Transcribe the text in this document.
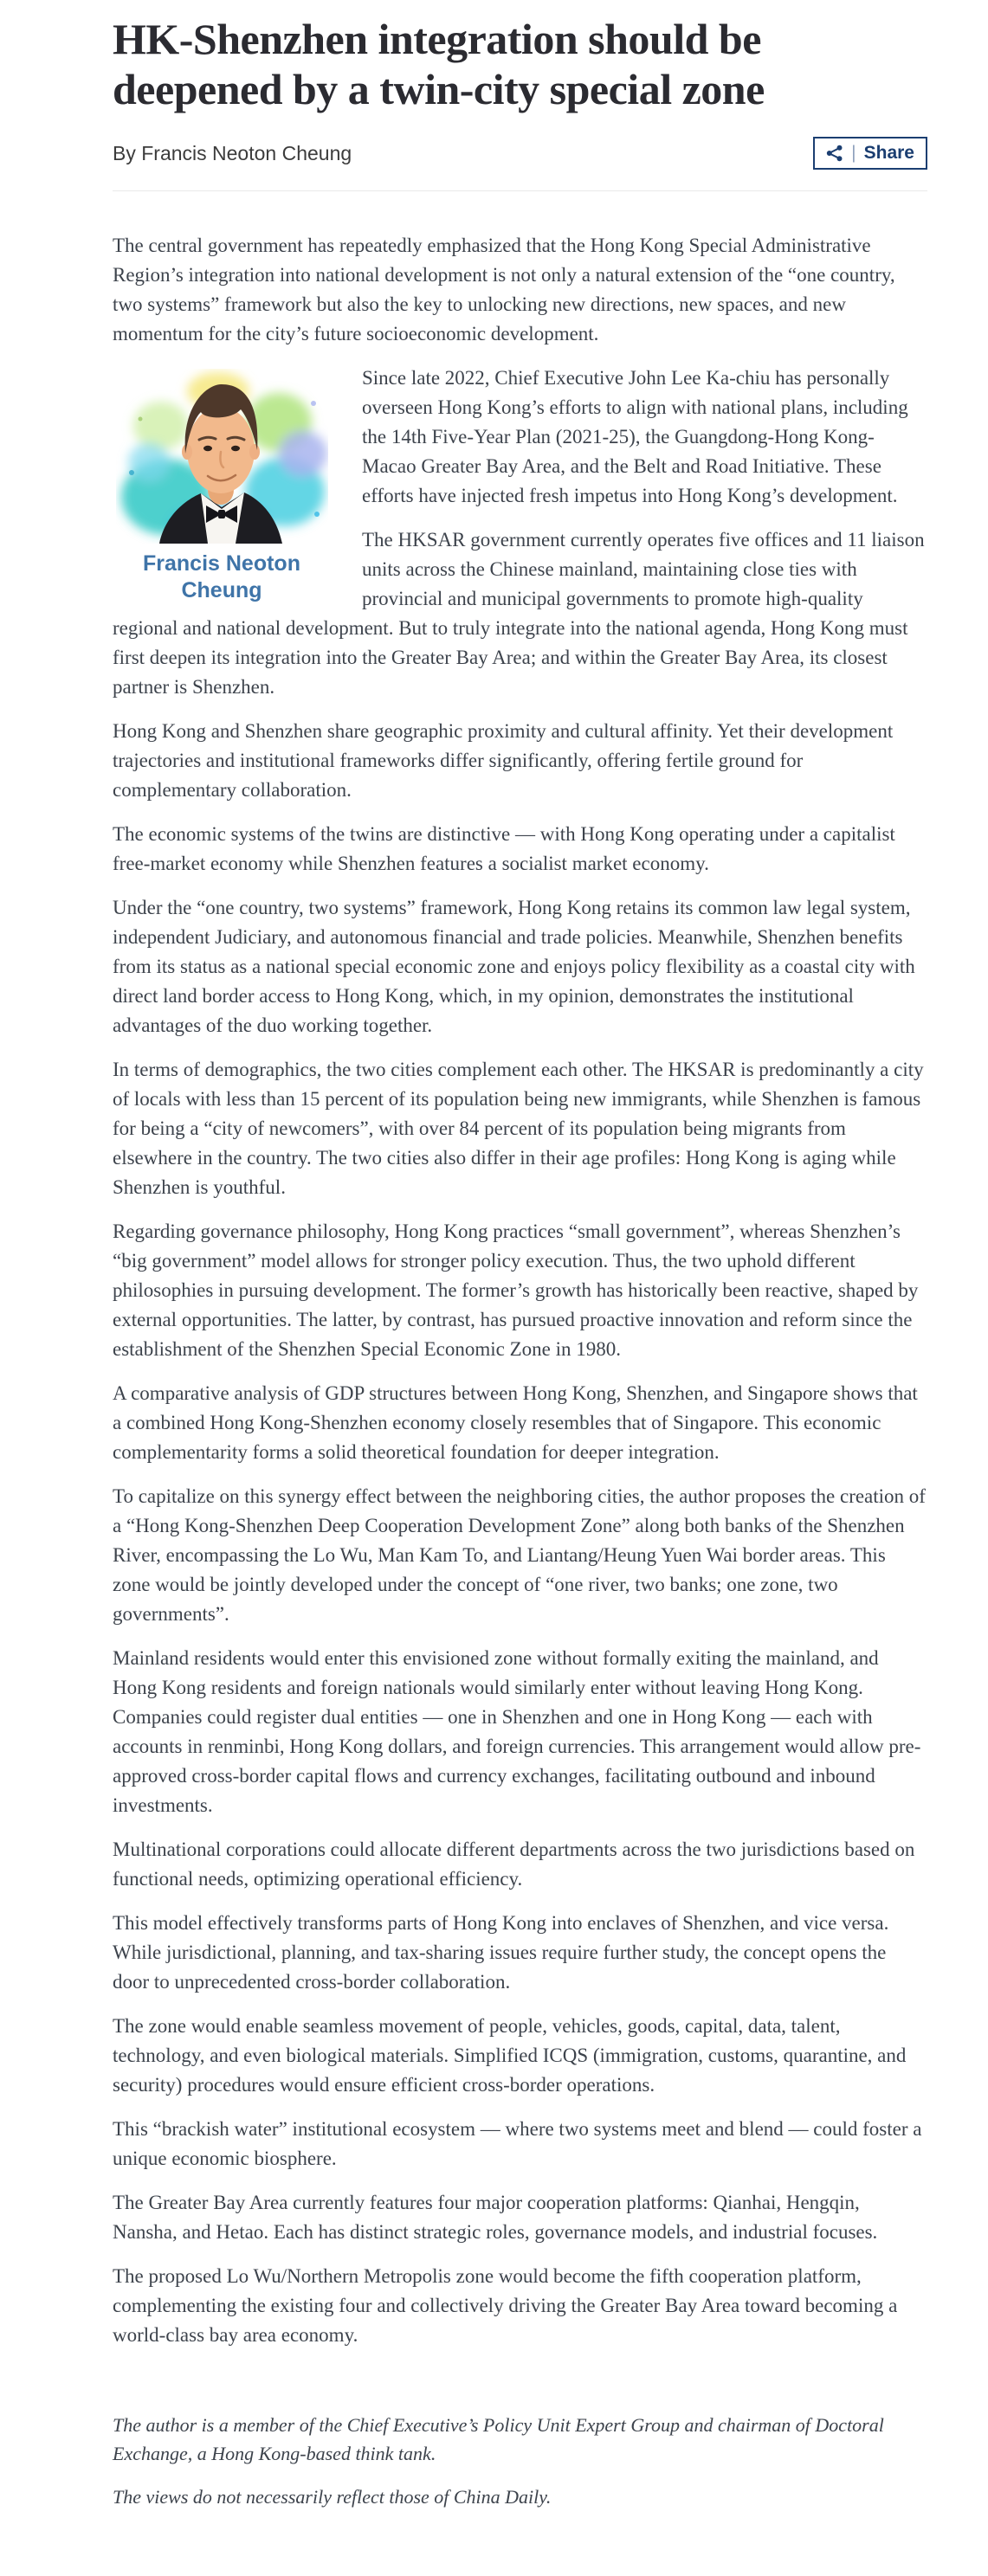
HK-Shenzhen integration should be deepened by a twin-city special zone
By Francis Neoton Cheung	| Share

The central government has repeatedly emphasized that the Hong Kong Special Administrative Region’s integration into national development is not only a natural extension of the “one country, two systems” framework but also the key to unlocking new directions, new spaces, and new momentum for the city’s future socioeconomic development.

Francis Neoton Cheung

Since late 2022, Chief Executive John Lee Ka-chiu has personally overseen Hong Kong’s efforts to align with national plans, including the 14th Five-Year Plan (2021-25), the Guangdong-Hong Kong-Macao Greater Bay Area, and the Belt and Road Initiative. These efforts have injected fresh impetus into Hong Kong’s development.

The HKSAR government currently operates five offices and 11 liaison units across the Chinese mainland, maintaining close ties with provincial and municipal governments to promote high-quality regional and national development. But to truly integrate into the national agenda, Hong Kong must first deepen its integration into the Greater Bay Area; and within the Greater Bay Area, its closest partner is Shenzhen.

Hong Kong and Shenzhen share geographic proximity and cultural affinity. Yet their development trajectories and institutional frameworks differ significantly, offering fertile ground for complementary collaboration.

The economic systems of the twins are distinctive — with Hong Kong operating under a capitalist free-market economy while Shenzhen features a socialist market economy.

Under the “one country, two systems” framework, Hong Kong retains its common law legal system, independent Judiciary, and autonomous financial and trade policies. Meanwhile, Shenzhen benefits from its status as a national special economic zone and enjoys policy flexibility as a coastal city with direct land border access to Hong Kong, which, in my opinion, demonstrates the institutional advantages of the duo working together.

In terms of demographics, the two cities complement each other. The HKSAR is predominantly a city of locals with less than 15 percent of its population being new immigrants, while Shenzhen is famous for being a “city of newcomers”, with over 84 percent of its population being migrants from elsewhere in the country. The two cities also differ in their age profiles: Hong Kong is aging while Shenzhen is youthful.

Regarding governance philosophy, Hong Kong practices “small government”, whereas Shenzhen’s “big government” model allows for stronger policy execution. Thus, the two uphold different philosophies in pursuing development. The former’s growth has historically been reactive, shaped by external opportunities. The latter, by contrast, has pursued proactive innovation and reform since the establishment of the Shenzhen Special Economic Zone in 1980.

A comparative analysis of GDP structures between Hong Kong, Shenzhen, and Singapore shows that a combined Hong Kong-Shenzhen economy closely resembles that of Singapore. This economic complementarity forms a solid theoretical foundation for deeper integration.

To capitalize on this synergy effect between the neighboring cities, the author proposes the creation of a “Hong Kong-Shenzhen Deep Cooperation Development Zone” along both banks of the Shenzhen River, encompassing the Lo Wu, Man Kam To, and Liantang/Heung Yuen Wai border areas. This zone would be jointly developed under the concept of “one river, two banks; one zone, two governments”.

Mainland residents would enter this envisioned zone without formally exiting the mainland, and Hong Kong residents and foreign nationals would similarly enter without leaving Hong Kong. Companies could register dual entities — one in Shenzhen and one in Hong Kong — each with accounts in renminbi, Hong Kong dollars, and foreign currencies. This arrangement would allow pre-approved cross-border capital flows and currency exchanges, facilitating outbound and inbound investments.

Multinational corporations could allocate different departments across the two jurisdictions based on functional needs, optimizing operational efficiency.

This model effectively transforms parts of Hong Kong into enclaves of Shenzhen, and vice versa. While jurisdictional, planning, and tax-sharing issues require further study, the concept opens the door to unprecedented cross-border collaboration.

The zone would enable seamless movement of people, vehicles, goods, capital, data, talent, technology, and even biological materials. Simplified ICQS (immigration, customs, quarantine, and security) procedures would ensure efficient cross-border operations.

This “brackish water” institutional ecosystem — where two systems meet and blend — could foster a unique economic biosphere.

The Greater Bay Area currently features four major cooperation platforms: Qianhai, Hengqin, Nansha, and Hetao. Each has distinct strategic roles, governance models, and industrial focuses.

The proposed Lo Wu/Northern Metropolis zone would become the fifth cooperation platform, complementing the existing four and collectively driving the Greater Bay Area toward becoming a world-class bay area economy.

The author is a member of the Chief Executive’s Policy Unit Expert Group and chairman of Doctoral Exchange, a Hong Kong-based think tank.

The views do not necessarily reflect those of China Daily.
